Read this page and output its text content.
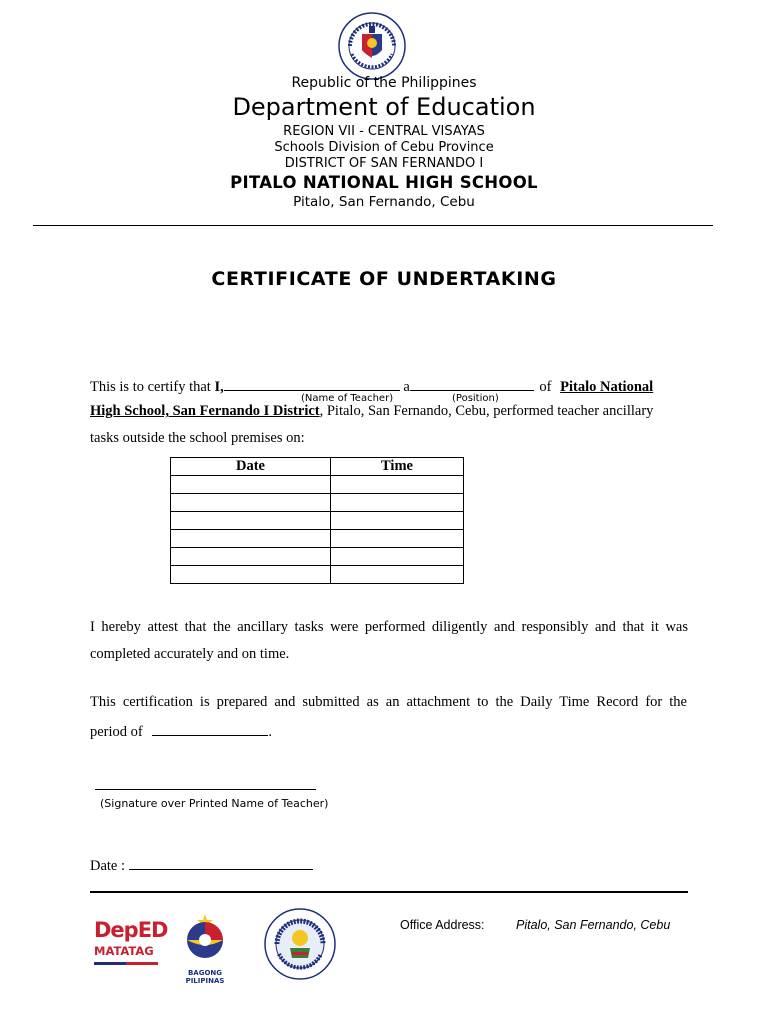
Republic of the Philippines
Department of Education
REGION VII - CENTRAL VISAYAS
Schools Division of Cebu Province
DISTRICT OF SAN FERNANDO I
PITALO NATIONAL HIGH SCHOOL
Pitalo, San Fernando, Cebu
CERTIFICATE OF UNDERTAKING
This is to certify that I,	a	of Pitalo National
(Name of Teacher)	(Position)
High School, San Fernando I District, Pitalo, San Fernando, Cebu, performed teacher ancillary
tasks outside the school premises on:
Date	Time

I hereby attest that the ancillary tasks were performed diligently and responsibly and that it was completed accurately and on time.
This certification is prepared and submitted as an attachment to the Daily Time Record for the
period of	.
(Signature over Printed Name of Teacher)
Date :
DepED
MATATAG
BAGONG PILIPINAS
Office Address:	Pitalo, San Fernando, Cebu
